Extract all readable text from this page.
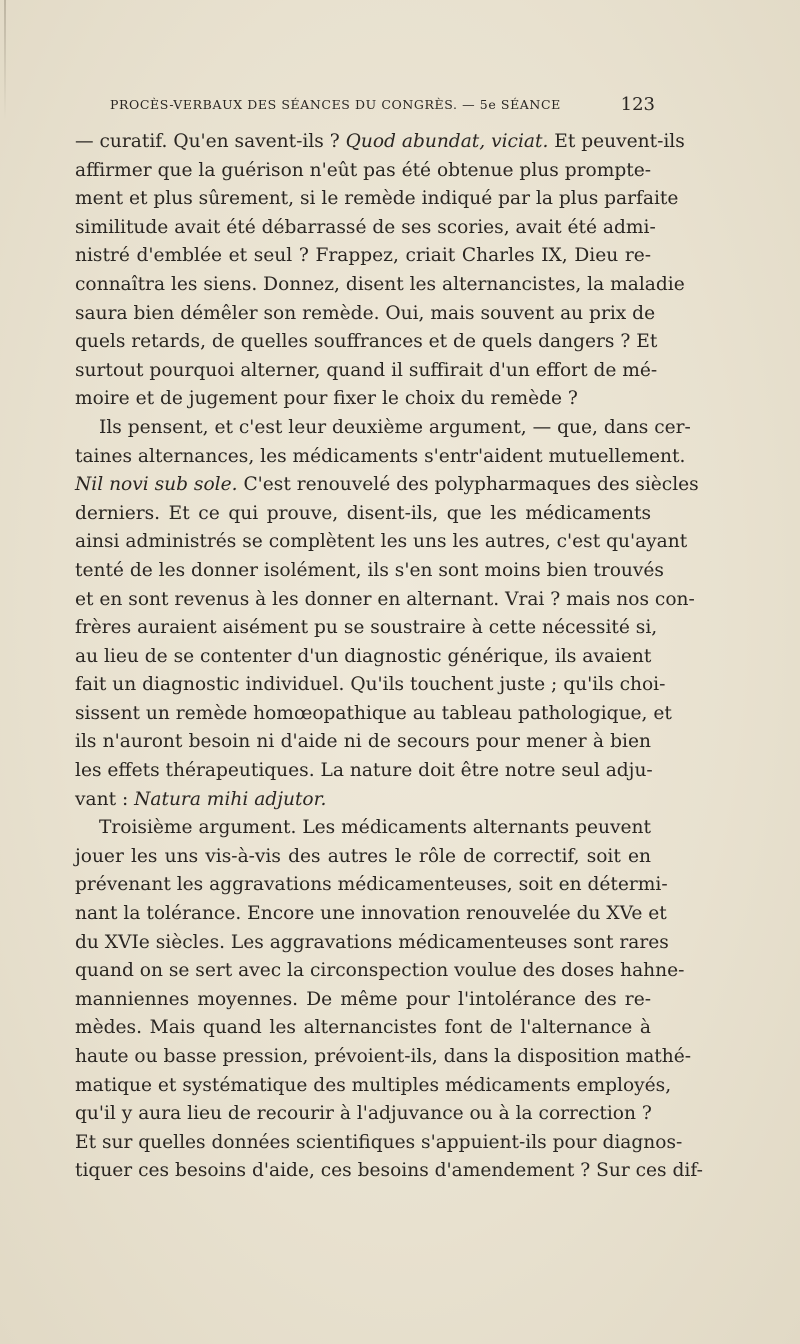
PROCÈS-VERBAUX DES SÉANCES DU CONGRÈS. — 5e SÉANCE	123
— curatif. Qu'en savent-ils ? Quod abundat, viciat. Et peuvent-ils
affirmer que la guérison n'eût pas été obtenue plus prompte-
ment et plus sûrement, si le remède indiqué par la plus parfaite
similitude avait été débarrassé de ses scories, avait été admi-
nistré d'emblée et seul ? Frappez, criait Charles IX, Dieu re-
connaîtra les siens. Donnez, disent les alternancistes, la maladie
saura bien démêler son remède. Oui, mais souvent au prix de
quels retards, de quelles souffrances et de quels dangers ? Et
surtout pourquoi alterner, quand il suffirait d'un effort de mé-
moire et de jugement pour fixer le choix du remède ?
Ils pensent, et c'est leur deuxième argument, — que, dans cer-
taines alternances, les médicaments s'entr'aident mutuellement.
Nil novi sub sole. C'est renouvelé des polypharmaques des siècles
derniers. Et ce qui prouve, disent-ils, que les médicaments
ainsi administrés se complètent les uns les autres, c'est qu'ayant
tenté de les donner isolément, ils s'en sont moins bien trouvés
et en sont revenus à les donner en alternant. Vrai ? mais nos con-
frères auraient aisément pu se soustraire à cette nécessité si,
au lieu de se contenter d'un diagnostic générique, ils avaient
fait un diagnostic individuel. Qu'ils touchent juste ; qu'ils choi-
sissent un remède homœopathique au tableau pathologique, et
ils n'auront besoin ni d'aide ni de secours pour mener à bien
les effets thérapeutiques. La nature doit être notre seul adju-
vant : Natura mihi adjutor.
Troisième argument. Les médicaments alternants peuvent
jouer les uns vis-à-vis des autres le rôle de correctif, soit en
prévenant les aggravations médicamenteuses, soit en détermi-
nant la tolérance. Encore une innovation renouvelée du XVe et
du XVIe siècles. Les aggravations médicamenteuses sont rares
quand on se sert avec la circonspection voulue des doses hahne-
manniennes moyennes. De même pour l'intolérance des re-
mèdes. Mais quand les alternancistes font de l'alternance à
haute ou basse pression, prévoient-ils, dans la disposition mathé-
matique et systématique des multiples médicaments employés,
qu'il y aura lieu de recourir à l'adjuvance ou à la correction ?
Et sur quelles données scientifiques s'appuient-ils pour diagnos-
tiquer ces besoins d'aide, ces besoins d'amendement ? Sur ces dif-
